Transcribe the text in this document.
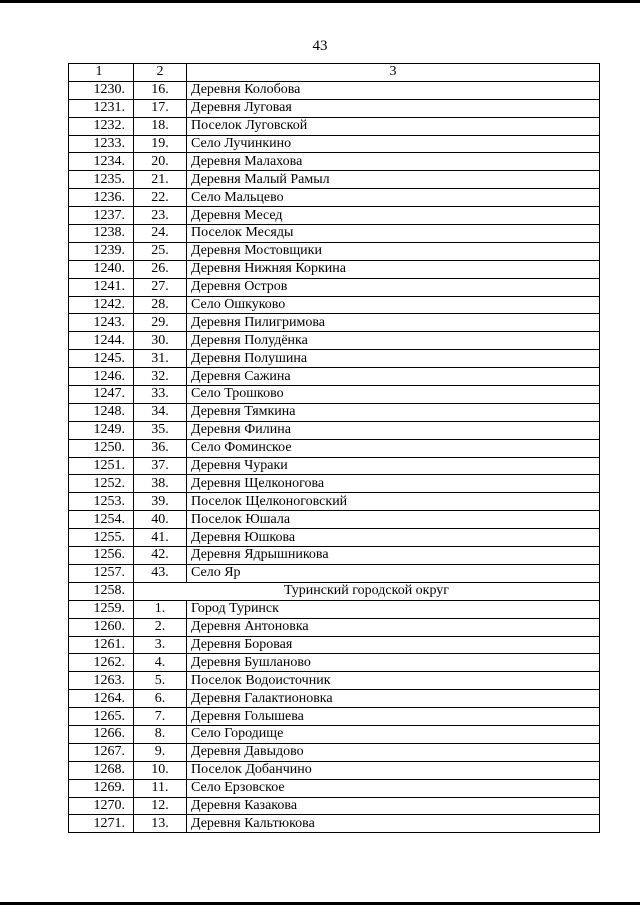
43
1	2	3
1230.	16.	Деревня Колобова
1231.	17.	Деревня Луговая
1232.	18.	Поселок Луговской
1233.	19.	Село Лучинкино
1234.	20.	Деревня Малахова
1235.	21.	Деревня Малый Рамыл
1236.	22.	Село Мальцево
1237.	23.	Деревня Месед
1238.	24.	Поселок Месяды
1239.	25.	Деревня Мостовщики
1240.	26.	Деревня Нижняя Коркина
1241.	27.	Деревня Остров
1242.	28.	Село Ошкуково
1243.	29.	Деревня Пилигримова
1244.	30.	Деревня Полудёнка
1245.	31.	Деревня Полушина
1246.	32.	Деревня Сажина
1247.	33.	Село Трошково
1248.	34.	Деревня Тямкина
1249.	35.	Деревня Филина
1250.	36.	Село Фоминское
1251.	37.	Деревня Чураки
1252.	38.	Деревня Щелконогова
1253.	39.	Поселок Щелконоговский
1254.	40.	Поселок Юшала
1255.	41.	Деревня Юшкова
1256.	42.	Деревня Ядрышникова
1257.	43.	Село Яр
1258.	Туринский городской округ	
1259.	1.	Город Туринск
1260.	2.	Деревня Антоновка
1261.	3.	Деревня Боровая
1262.	4.	Деревня Бушланово
1263.	5.	Поселок Водоисточник
1264.	6.	Деревня Галактионовка
1265.	7.	Деревня Голышева
1266.	8.	Село Городище
1267.	9.	Деревня Давыдово
1268.	10.	Поселок Добанчино
1269.	11.	Село Ерзовское
1270.	12.	Деревня Казакова
1271.	13.	Деревня Кальтюкова
